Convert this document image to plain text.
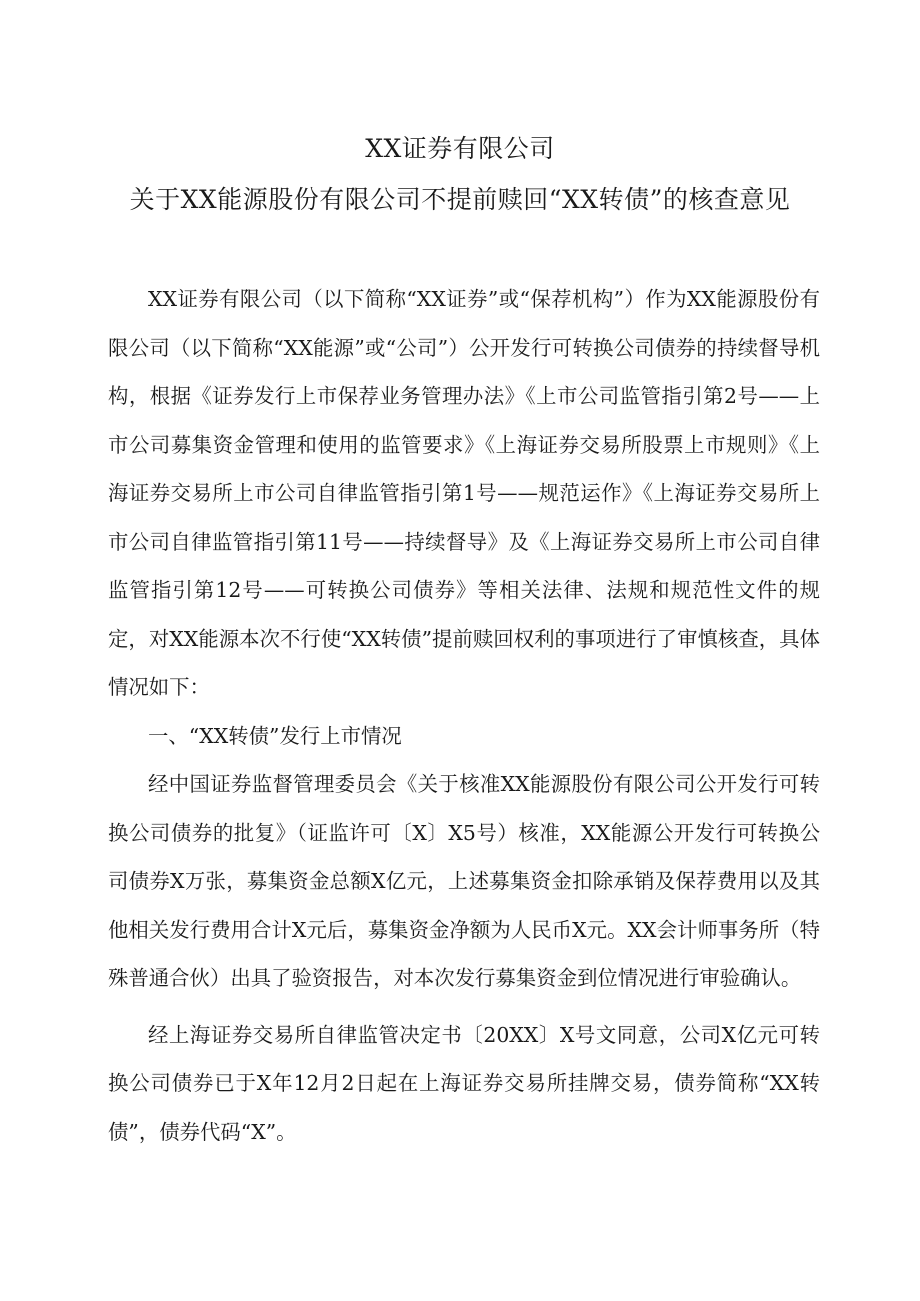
XX证券有限公司
关于XX能源股份有限公司不提前赎回“XX转债”的核查意见

XX证券有限公司（以下简称“XX证券”或“保荐机构”）作为XX能源股份有限公司（以下简称“XX能源”或“公司”）公开发行可转换公司债券的持续督导机构，根据《证券发行上市保荐业务管理办法》《上市公司监管指引第2号——上市公司募集资金管理和使用的监管要求》《上海证券交易所股票上市规则》《上海证券交易所上市公司自律监管指引第1号——规范运作》《上海证券交易所上市公司自律监管指引第11号——持续督导》及《上海证券交易所上市公司自律监管指引第12号——可转换公司债券》等相关法律、法规和规范性文件的规定，对XX能源本次不行使“XX转债”提前赎回权利的事项进行了审慎核查，具体情况如下：

一、“XX转债”发行上市情况

经中国证券监督管理委员会《关于核准XX能源股份有限公司公开发行可转换公司债券的批复》（证监许可〔X〕X5号）核准，XX能源公开发行可转换公司债券X万张，募集资金总额X亿元，上述募集资金扣除承销及保荐费用以及其他相关发行费用合计X元后，募集资金净额为人民币X元。XX会计师事务所（特殊普通合伙）出具了验资报告，对本次发行募集资金到位情况进行审验确认。

经上海证券交易所自律监管决定书〔20XX〕X号文同意，公司X亿元可转换公司债券已于X年12月2日起在上海证券交易所挂牌交易，债券简称“XX转债”，债券代码“X”。
